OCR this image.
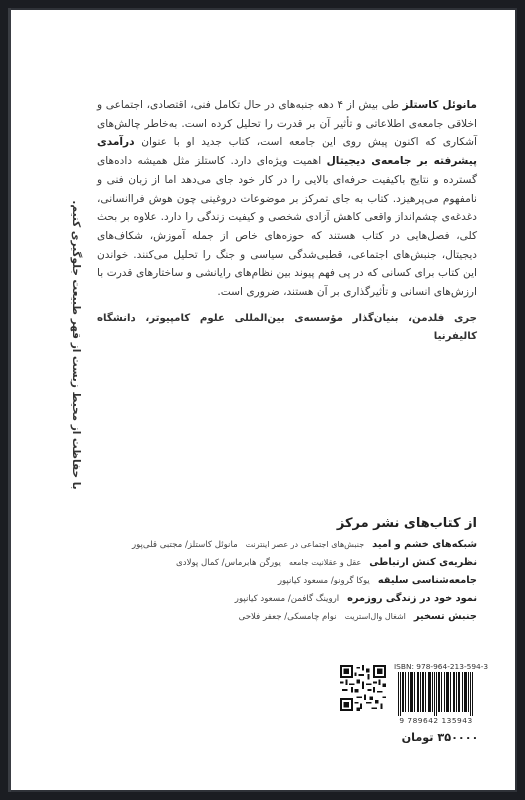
مانوئل کاستلز طی بیش از ۴ دهه جنبه‌های در حال تکامل فنی، اقتصادی، اجتماعی و اخلاقی جامعه‌ی اطلاعاتی و تأثیر آن بر قدرت را تحلیل کرده است. به‌خاطر چالش‌های آشکاری که اکنون پیش روی این جامعه است، کتاب جدید او با عنوان درآمدی پیشرفته بر جامعه‌ی دیجیتال اهمیت ویژه‌ای دارد. کاستلز مثل همیشه داده‌های گسترده و نتایج باکیفیت حرفه‌ای بالایی را در کار خود جای می‌دهد اما از زبان فنی و نامفهوم می‌پرهیزد. کتاب به جای تمرکز بر موضوعات دروغینی چون هوش فراانسانی، دغدغه‌ی چشم‌انداز واقعی کاهش آزادی شخصی و کیفیت زندگی را دارد. علاوه بر بحث کلی، فصل‌هایی در کتاب هستند که حوزه‌های خاص از جمله آموزش، شکاف‌های دیجیتال، جنبش‌های اجتماعی، قطبی‌شدگی سیاسی و جنگ را تحلیل می‌کنند. خواندن این کتاب برای کسانی که در پی فهم پیوند بین نظام‌های رایانشی و ساختارهای قدرت با ارزش‌های انسانی و تأثیرگذاری بر آن هستند، ضروری است.

جری فلدمن، بنیان‌گذار مؤسسه‌ی بین‌المللی علوم کامپیوتر، دانشگاه کالیفرنیا

با حفاظت از محیط زیست از قهر طبیعت جلوگیری کنیم.
از کتاب‌های نشر مرکز
شبکه‌های خشم و امید
جنبش‌های اجتماعی در عصر اینترنت
مانوئل کاستلز/ مجتبی قلی‌پور
نظریه‌ی کنش ارتباطی
عقل و عقلانیت جامعه
یورگن هابرماس/ کمال پولادی
جامعه‌شناسی سلیقه
یوکا گرونو/ مسعود کیانپور
نمود خود در زندگی روزمره
اروینگ گافمن/ مسعود کیانپور
جنبش تسخیر
اشغال وال‌استریت
نوام چامسکی/ جعفر فلاحی
ISBN: 978-964-213-594-3
9 789642 135943
۳۵۰۰۰۰ تومان
